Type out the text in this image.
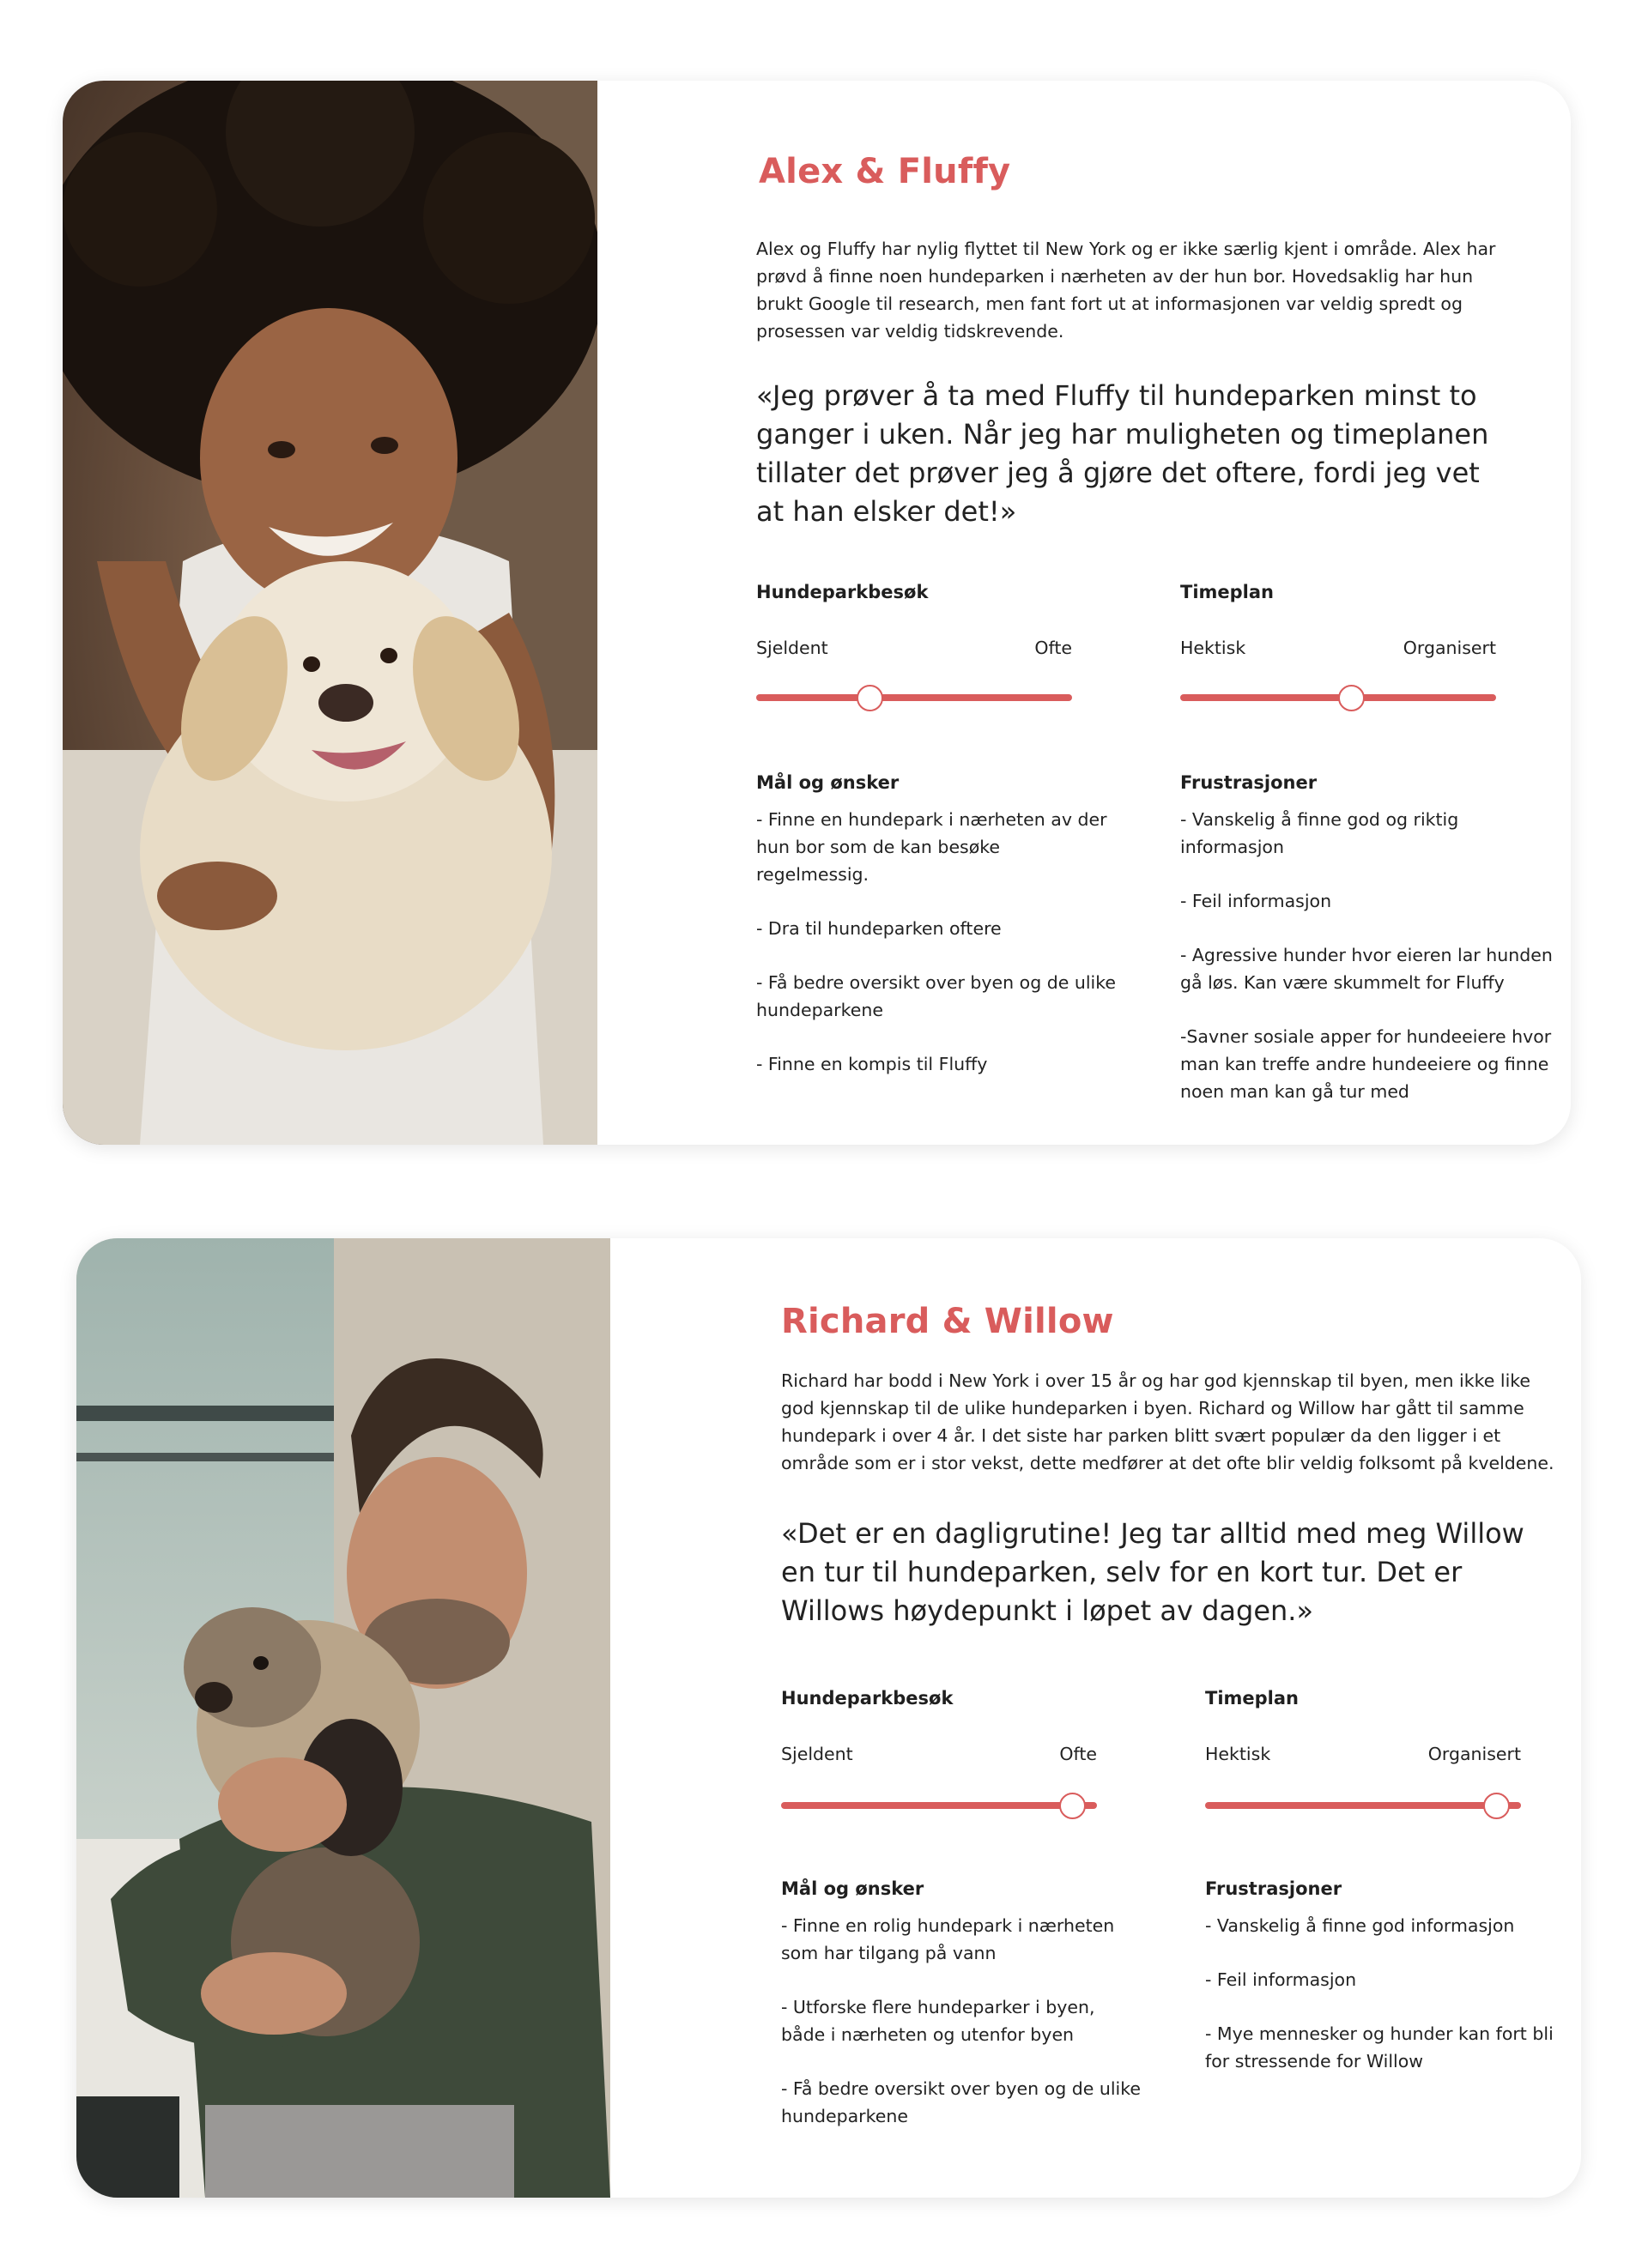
Alex & Fluffy

Alex og Fluffy har nylig flyttet til New York og er ikke særlig kjent i område. Alex har prøvd å finne noen hundeparken i nærheten av der hun bor. Hovedsaklig har hun brukt Google til research, men fant fort ut at informasjonen var veldig spredt og prosessen var veldig tidskrevende.

«Jeg prøver å ta med Fluffy til hundeparken minst to ganger i uken. Når jeg har muligheten og timeplanen tillater det prøver jeg å gjøre det oftere, fordi jeg vet at han elsker det!»

Hundeparkbesøk

Sjeldent	Ofte

Timeplan

Hektisk	Organisert

Mål og ønsker

- Finne en hundepark i nærheten av der hun bor som de kan besøke regelmessig.
- Dra til hundeparken oftere
- Få bedre oversikt over byen og de ulike hundeparkene
- Finne en kompis til Fluffy

Frustrasjoner

- Vanskelig å finne god og riktig informasjon
- Feil informasjon
- Agressive hunder hvor eieren lar hunden gå løs. Kan være skummelt for Fluffy
-Savner sosiale apper for hundeeiere hvor man kan treffe andre hundeeiere og finne noen man kan gå tur med
Richard & Willow

Richard har bodd i New York i over 15 år og har god kjennskap til byen, men ikke like god kjennskap til de ulike hundeparken i byen. Richard og Willow har gått til samme hundepark i over 4 år. I det siste har parken blitt svært populær da den ligger i et område som er i stor vekst, dette medfører at det ofte blir veldig folksomt på kveldene.

«Det er en dagligrutine! Jeg tar alltid med meg Willow en tur til hundeparken, selv for en kort tur. Det er Willows høydepunkt i løpet av dagen.»

Hundeparkbesøk

Sjeldent	Ofte

Timeplan

Hektisk	Organisert

Mål og ønsker

- Finne en rolig hundepark i nærheten som har tilgang på vann
- Utforske flere hundeparker i byen, både i nærheten og utenfor byen
- Få bedre oversikt over byen og de ulike hundeparkene

Frustrasjoner

- Vanskelig å finne god informasjon
- Feil informasjon
- Mye mennesker og hunder kan fort bli for stressende for Willow
